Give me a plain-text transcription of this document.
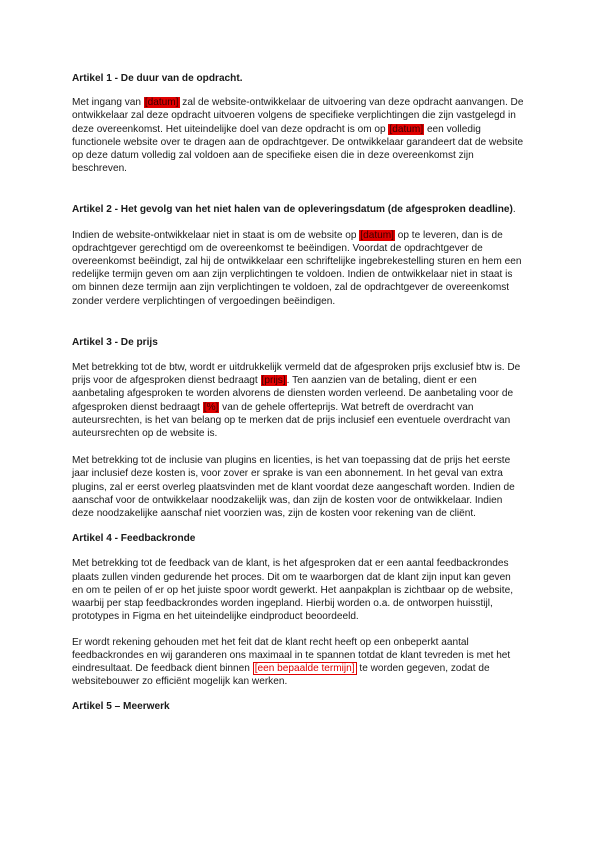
Artikel 1 - De duur van de opdracht.

Met ingang van [datum] zal de website-ontwikkelaar de uitvoering van deze opdracht aanvangen. De ontwikkelaar zal deze opdracht uitvoeren volgens de specifieke verplichtingen die zijn vastgelegd in deze overeenkomst. Het uiteindelijke doel van deze opdracht is om op [datum] een volledig functionele website over te dragen aan de opdrachtgever. De ontwikkelaar garandeert dat de website op deze datum volledig zal voldoen aan de specifieke eisen die in deze overeenkomst zijn beschreven.

Artikel 2 - Het gevolg van het niet halen van de opleveringsdatum (de afgesproken deadline).

Indien de website-ontwikkelaar niet in staat is om de website op [datum] op te leveren, dan is de opdrachtgever gerechtigd om de overeenkomst te beëindigen. Voordat de opdrachtgever de overeenkomst beëindigt, zal hij de ontwikkelaar een schriftelijke ingebrekestelling sturen en hem een redelijke termijn geven om aan zijn verplichtingen te voldoen. Indien de ontwikkelaar niet in staat is om binnen deze termijn aan zijn verplichtingen te voldoen, zal de opdrachtgever de overeenkomst zonder verdere verplichtingen of vergoedingen beëindigen.

Artikel 3 - De prijs

Met betrekking tot de btw, wordt er uitdrukkelijk vermeld dat de afgesproken prijs exclusief btw is. De prijs voor de afgesproken dienst bedraagt [prijs]. Ten aanzien van de betaling, dient er een aanbetaling afgesproken te worden alvorens de diensten worden verleend. De aanbetaling voor de afgesproken dienst bedraagt [%] van de gehele offerteprijs. Wat betreft de overdracht van auteursrechten, is het van belang op te merken dat de prijs inclusief een eventuele overdracht van auteursrechten op de website is.

Met betrekking tot de inclusie van plugins en licenties, is het van toepassing dat de prijs het eerste jaar inclusief deze kosten is, voor zover er sprake is van een abonnement. In het geval van extra plugins, zal er eerst overleg plaatsvinden met de klant voordat deze aangeschaft worden. Indien de aanschaf voor de ontwikkelaar noodzakelijk was, dan zijn de kosten voor de ontwikkelaar. Indien deze noodzakelijke aanschaf niet voorzien was, zijn de kosten voor rekening van de cliënt.

Artikel 4 - Feedbackronde

Met betrekking tot de feedback van de klant, is het afgesproken dat er een aantal feedbackrondes plaats zullen vinden gedurende het proces. Dit om te waarborgen dat de klant zijn input kan geven en om te peilen of er op het juiste spoor wordt gewerkt. Het aanpakplan is zichtbaar op de website, waarbij per stap feedbackrondes worden ingepland. Hierbij worden o.a. de ontworpen huisstijl, prototypes in Figma en het uiteindelijke eindproduct beoordeeld.

Er wordt rekening gehouden met het feit dat de klant recht heeft op een onbeperkt aantal feedbackrondes en wij garanderen ons maximaal in te spannen totdat de klant tevreden is met het eindresultaat. De feedback dient binnen [een bepaalde termijn] te worden gegeven, zodat de websitebouwer zo efficiënt mogelijk kan werken.

Artikel 5 – Meerwerk
